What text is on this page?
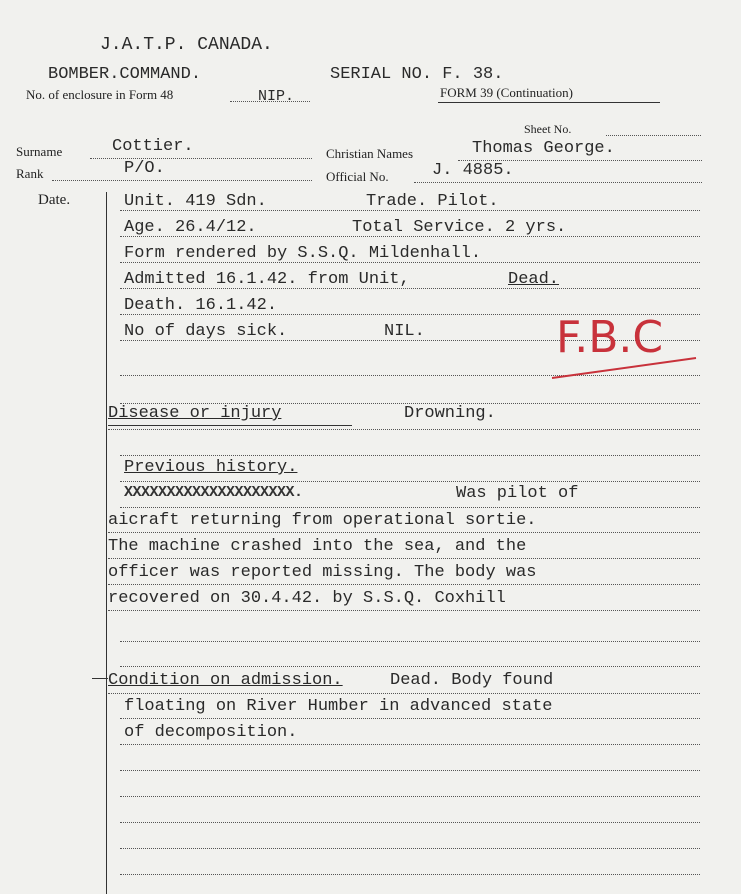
J.A.T.P. CANADA.
BOMBER.COMMAND.	SERIAL NO. F. 38.
No. of enclosure in Form 48	NIP.	FORM 39 (Continuation)
Sheet No.
Surname	Cottier.	Christian Names	Thomas George.
Rank	P/O.	Official No.	J. 4885.
Date.	Unit. 419 Sdn.	Trade. Pilot.
Age. 26.4/12.	Total Service. 2 yrs.
Form rendered by S.S.Q. Mildenhall.
Admitted 16.1.42. from Unit,	Dead.
Death. 16.1.42.
No of days sick.	NIL.	F.B.C
Disease or injury	Drowning.
Previous history.
XXXXXXXXXXXXXXXXXXXX.	Was pilot of
aicraft returning from operational sortie.
The machine crashed into the sea, and the
officer was reported missing. The body was
recovered on 30.4.42. by S.S.Q. Coxhill
Condition on admission.	Dead. Body found
floating on River Humber in advanced state
of decomposition.
